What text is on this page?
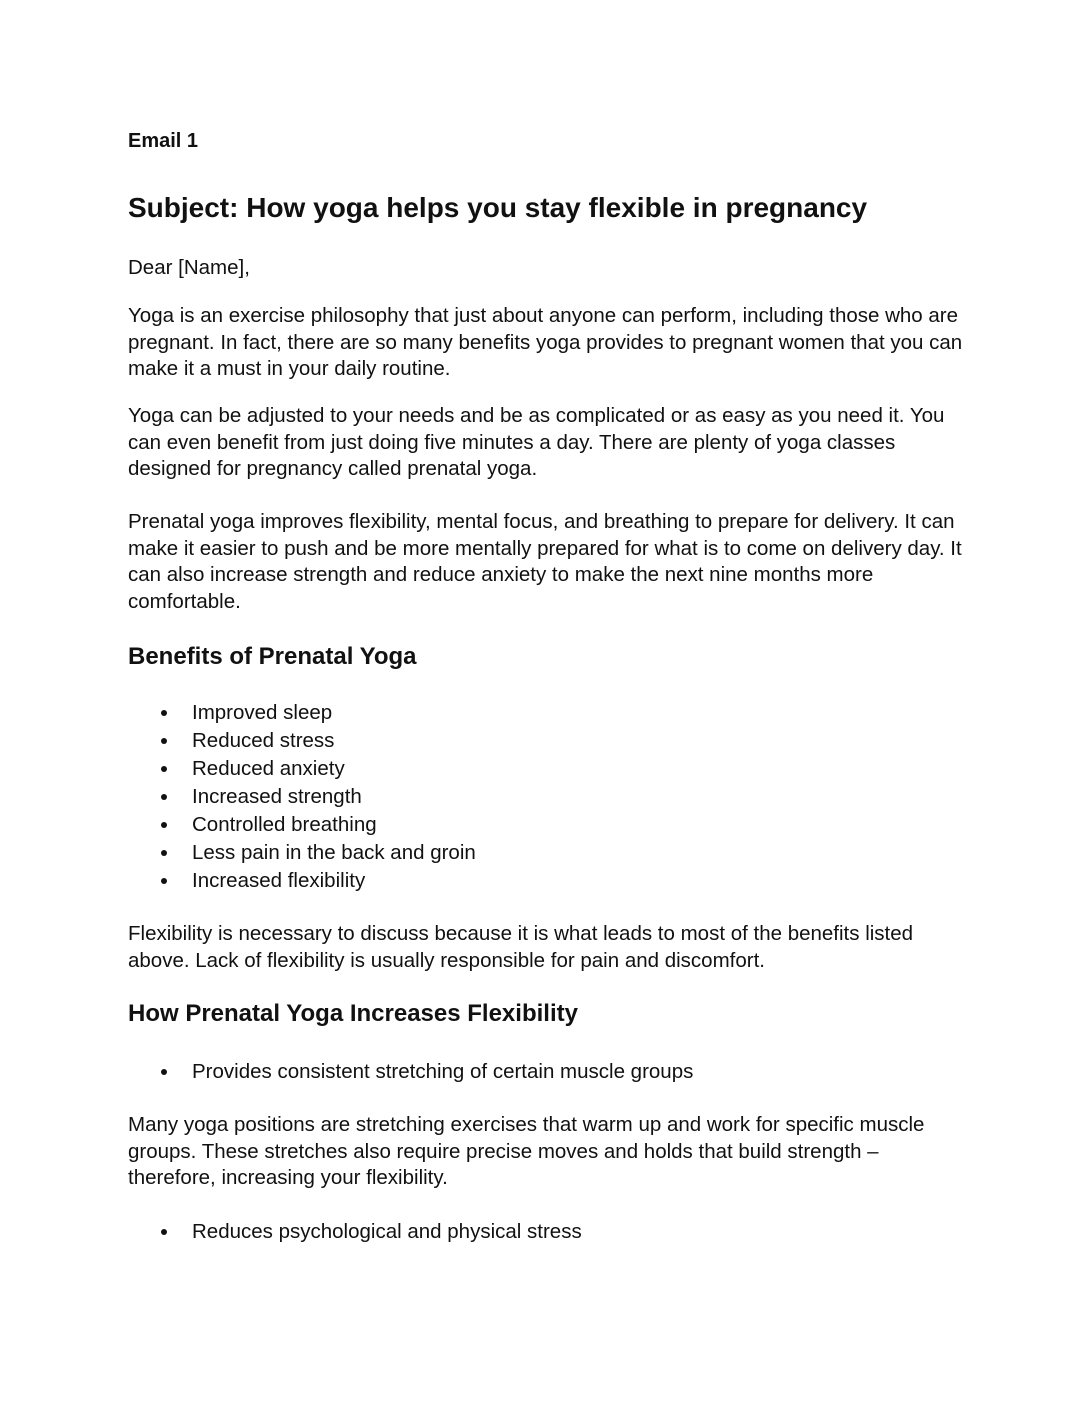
Email 1

Subject: How yoga helps you stay flexible in pregnancy

Dear [Name],

Yoga is an exercise philosophy that just about anyone can perform, including those who are pregnant. In fact, there are so many benefits yoga provides to pregnant women that you can make it a must in your daily routine.

Yoga can be adjusted to your needs and be as complicated or as easy as you need it. You can even benefit from just doing five minutes a day. There are plenty of yoga classes designed for pregnancy called prenatal yoga.

Prenatal yoga improves flexibility, mental focus, and breathing to prepare for delivery. It can make it easier to push and be more mentally prepared for what is to come on delivery day. It can also increase strength and reduce anxiety to make the next nine months more comfortable.

Benefits of Prenatal Yoga
Improved sleep
Reduced stress
Reduced anxiety
Increased strength
Controlled breathing
Less pain in the back and groin
Increased flexibility

Flexibility is necessary to discuss because it is what leads to most of the benefits listed above. Lack of flexibility is usually responsible for pain and discomfort.

How Prenatal Yoga Increases Flexibility
Provides consistent stretching of certain muscle groups

Many yoga positions are stretching exercises that warm up and work for specific muscle groups. These stretches also require precise moves and holds that build strength – therefore, increasing your flexibility.

Reduces psychological and physical stress
